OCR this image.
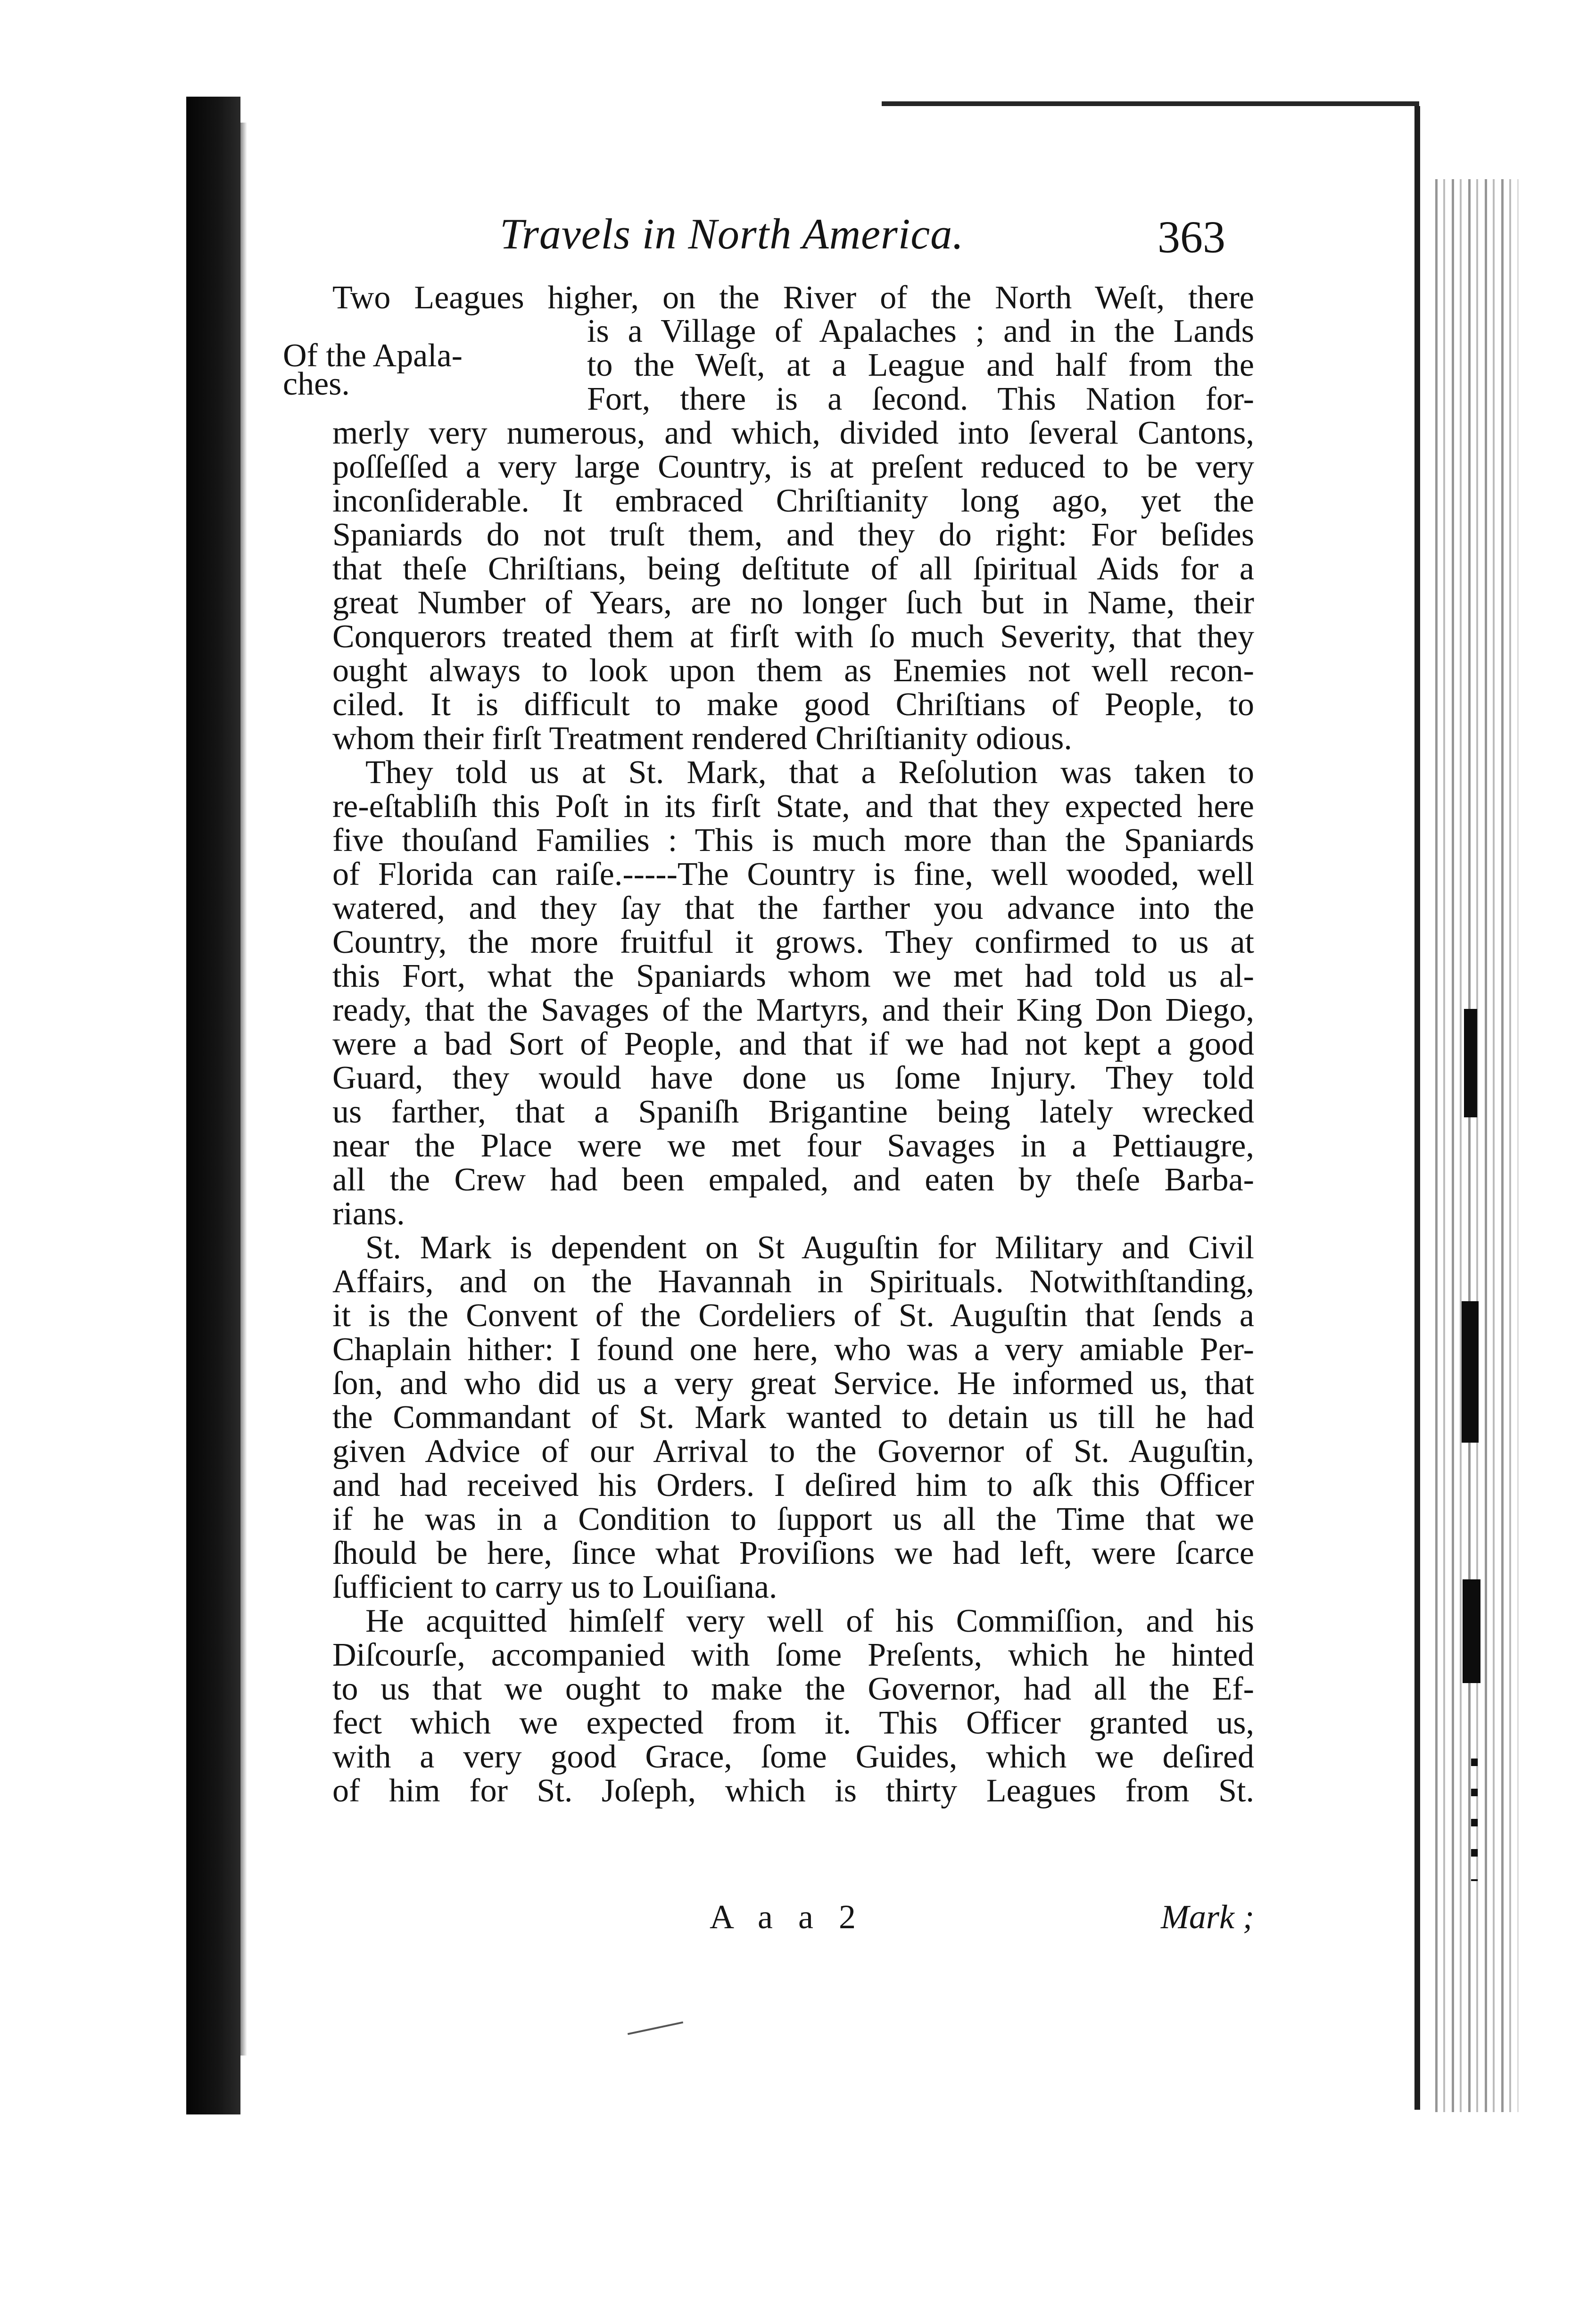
Travels in North America.	363
Of the Apala-
ches.
Two Leagues higher, on the River of the North Weſt, there
is a Village of Apalaches ; and in the Lands
to the Weſt, at a League and half from the
Fort, there is a ſecond. This Nation for-
merly very numerous, and which, divided into ſeveral Cantons,
poſſeſſed a very large Country, is at preſent reduced to be very
inconſiderable. It embraced Chriſtianity long ago, yet the
Spaniards do not truſt them, and they do right: For beſides
that theſe Chriſtians, being deſtitute of all ſpiritual Aids for a
great Number of Years, are no longer ſuch but in Name, their
Conquerors treated them at firſt with ſo much Severity, that they
ought always to look upon them as Enemies not well recon-
ciled. It is difficult to make good Chriſtians of People, to
whom their firſt Treatment rendered Chriſtianity odious.
They told us at St. Mark, that a Reſolution was taken to
re-eſtabliſh this Poſt in its firſt State, and that they expected here
five thouſand Families : This is much more than the Spaniards
of Florida can raiſe.-----The Country is fine, well wooded, well
watered, and they ſay that the farther you advance into the
Country, the more fruitful it grows. They confirmed to us at
this Fort, what the Spaniards whom we met had told us al-
ready, that the Savages of the Martyrs, and their King Don Diego,
were a bad Sort of People, and that if we had not kept a good
Guard, they would have done us ſome Injury. They told
us farther, that a Spaniſh Brigantine being lately wrecked
near the Place were we met four Savages in a Pettiaugre,
all the Crew had been empaled, and eaten by theſe Barba-
rians.
St. Mark is dependent on St Auguſtin for Military and Civil
Affairs, and on the Havannah in Spirituals. Notwithſtanding,
it is the Convent of the Cordeliers of St. Auguſtin that ſends a
Chaplain hither: I found one here, who was a very amiable Per-
ſon, and who did us a very great Service. He informed us, that
the Commandant of St. Mark wanted to detain us till he had
given Advice of our Arrival to the Governor of St. Auguſtin,
and had received his Orders. I deſired him to aſk this Officer
if he was in a Condition to ſupport us all the Time that we
ſhould be here, ſince what Proviſions we had left, were ſcarce
ſufficient to carry us to Louiſiana.
He acquitted himſelf very well of his Commiſſion, and his
Diſcourſe, accompanied with ſome Preſents, which he hinted
to us that we ought to make the Governor, had all the Ef-
fect which we expected from it. This Officer granted us,
with a very good Grace, ſome Guides, which we deſired
of him for St. Joſeph, which is thirty Leagues from St.
A a a 2	Mark ;
